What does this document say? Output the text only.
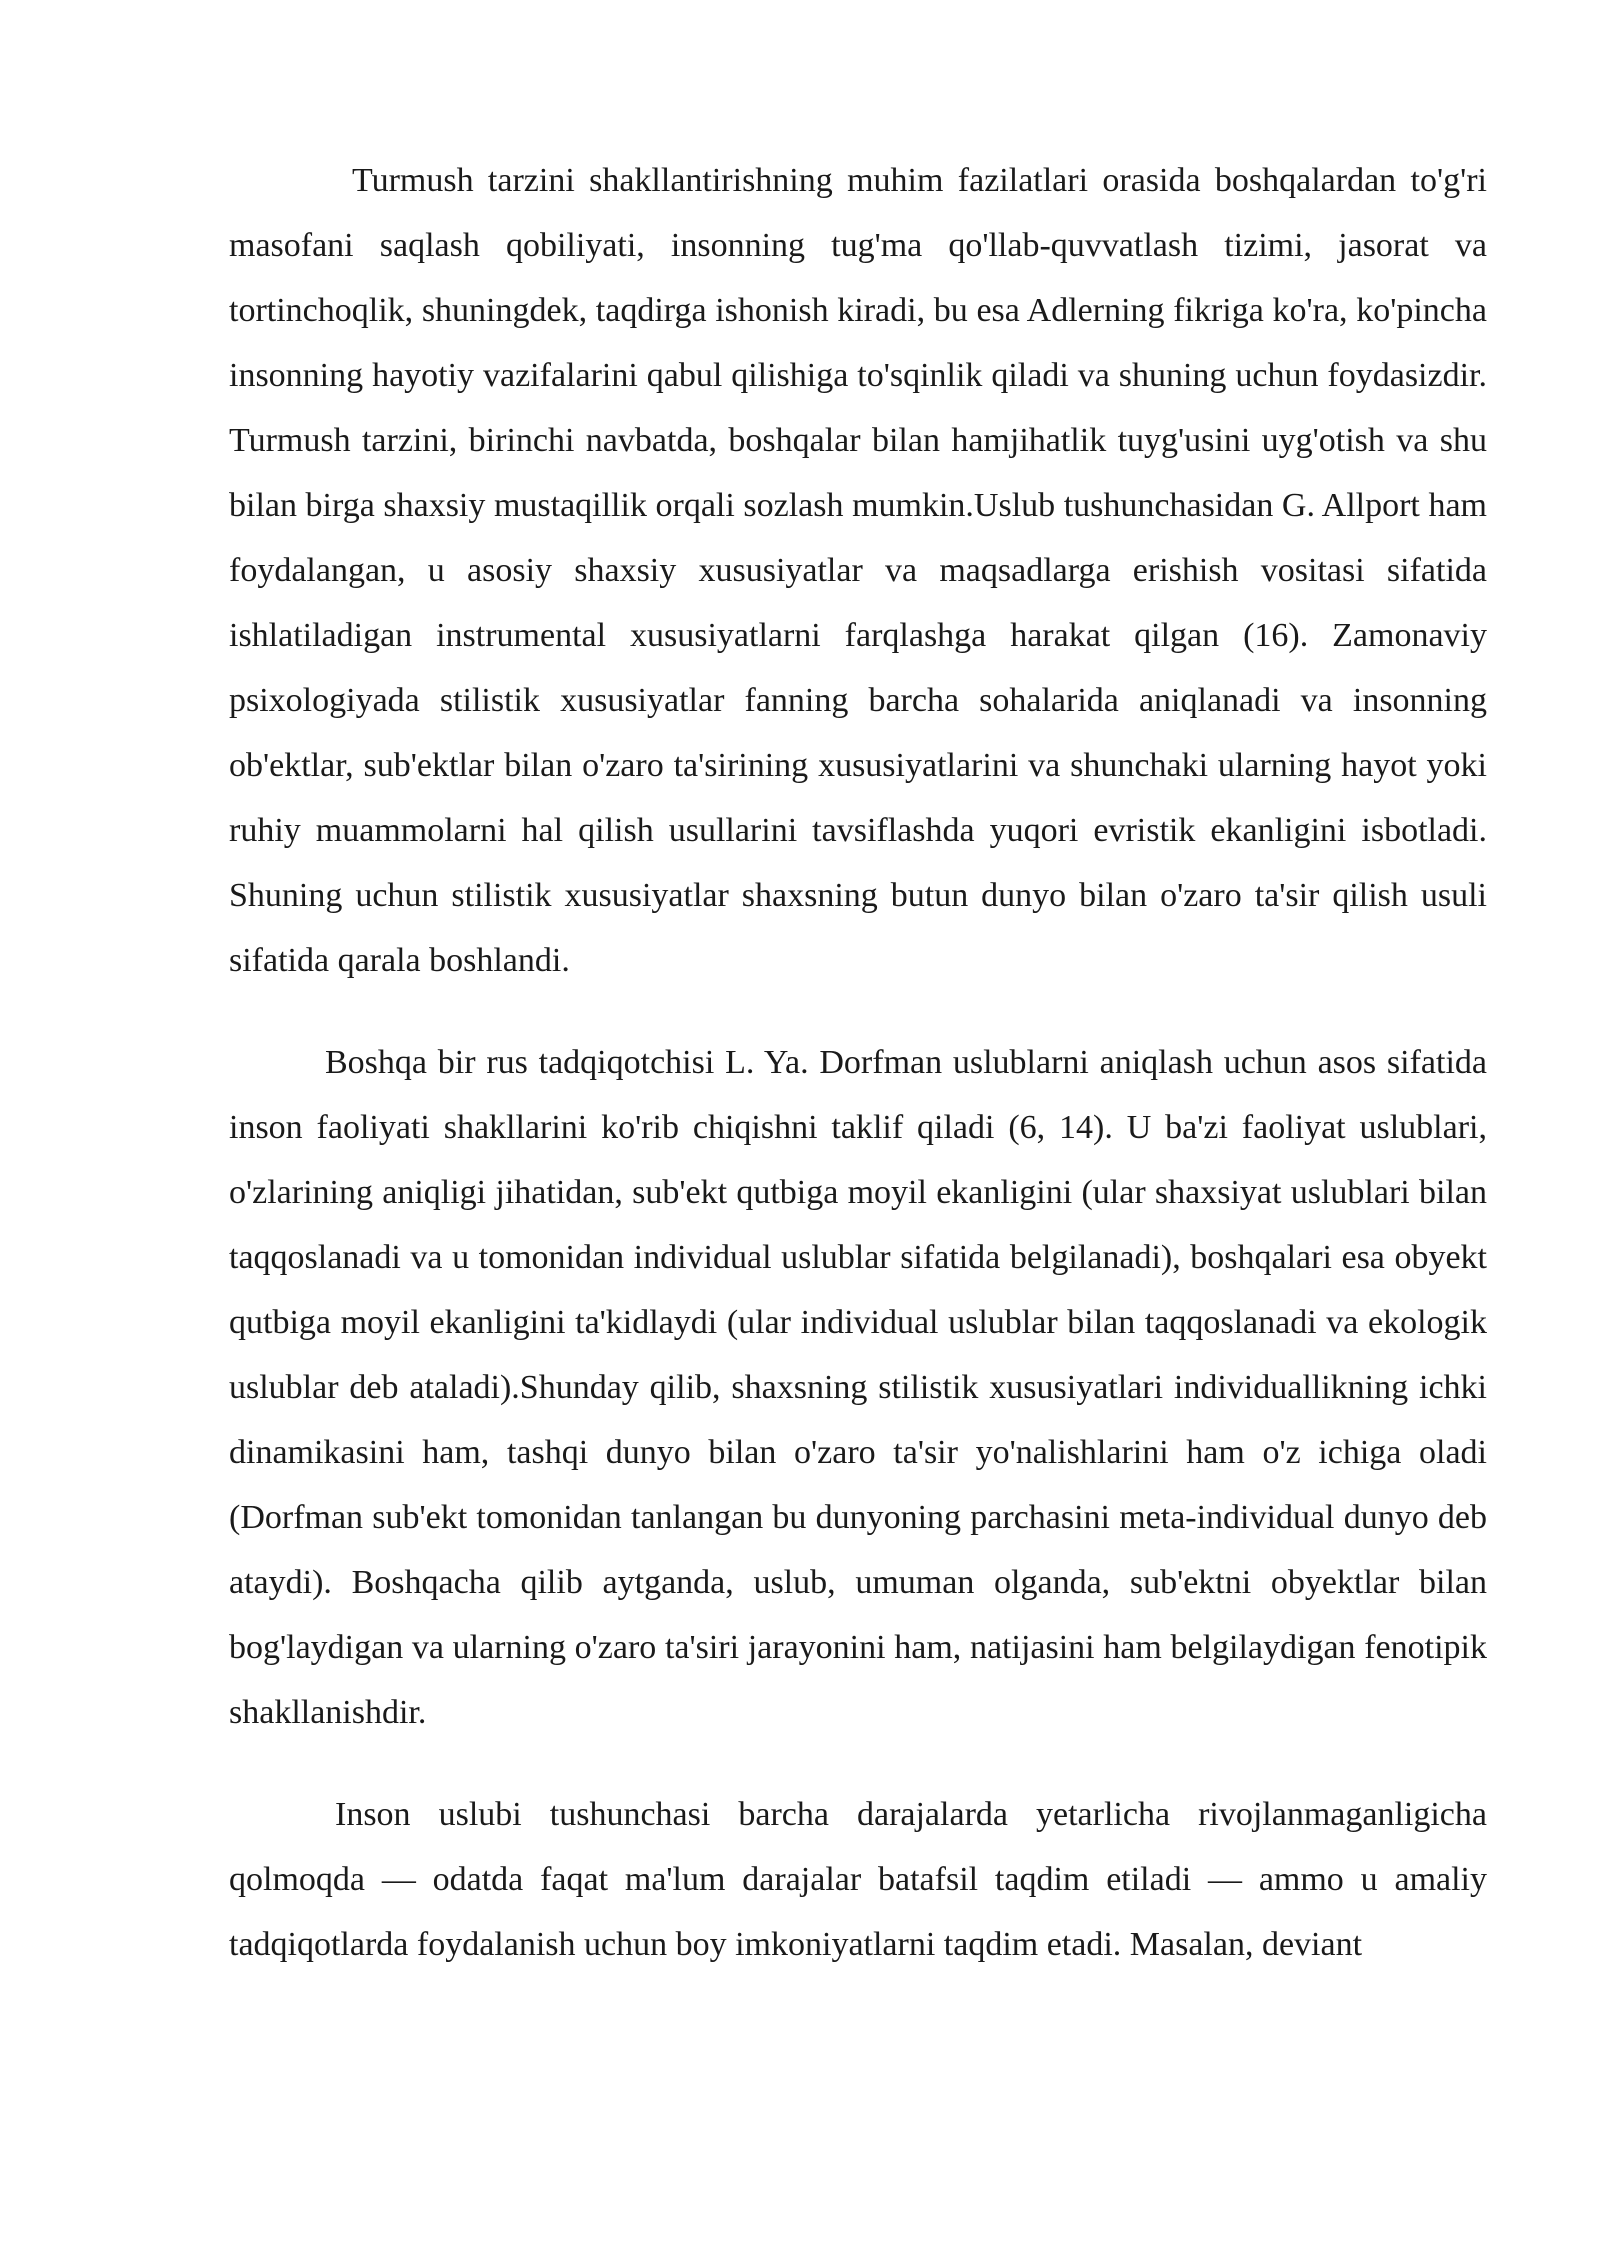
Turmush tarzini shakllantirishning muhim fazilatlari orasida boshqalardan to'g'ri masofani saqlash qobiliyati, insonning tug'ma qo'llab-quvvatlash tizimi, jasorat va tortinchoqlik, shuningdek, taqdirga ishonish kiradi, bu esa Adlerning fikriga ko'ra, ko'pincha insonning hayotiy vazifalarini qabul qilishiga to'sqinlik qiladi va shuning uchun foydasizdir. Turmush tarzini, birinchi navbatda, boshqalar bilan hamjihatlik tuyg'usini uyg'otish va shu bilan birga shaxsiy mustaqillik orqali sozlash mumkin.Uslub tushunchasidan G. Allport ham foydalangan, u asosiy shaxsiy xususiyatlar va maqsadlarga erishish vositasi sifatida ishlatiladigan instrumental xususiyatlarni farqlashga harakat qilgan (16). Zamonaviy psixologiyada stilistik xususiyatlar fanning barcha sohalarida aniqlanadi va insonning ob'ektlar, sub'ektlar bilan o'zaro ta'sirining xususiyatlarini va shunchaki ularning hayot yoki ruhiy muammolarni hal qilish usullarini tavsiflashda yuqori evristik ekanligini isbotladi. Shuning uchun stilistik xususiyatlar shaxsning butun dunyo bilan o'zaro ta'sir qilish usuli sifatida qarala boshlandi.

Boshqa bir rus tadqiqotchisi L. Ya. Dorfman uslublarni aniqlash uchun asos sifatida inson faoliyati shakllarini ko'rib chiqishni taklif qiladi (6, 14). U ba'zi faoliyat uslublari, o'zlarining aniqligi jihatidan, sub'ekt qutbiga moyil ekanligini (ular shaxsiyat uslublari bilan taqqoslanadi va u tomonidan individual uslublar sifatida belgilanadi), boshqalari esa obyekt qutbiga moyil ekanligini ta'kidlaydi (ular individual uslublar bilan taqqoslanadi va ekologik uslublar deb ataladi).Shunday qilib, shaxsning stilistik xususiyatlari individuallikning ichki dinamikasini ham, tashqi dunyo bilan o'zaro ta'sir yo'nalishlarini ham o'z ichiga oladi (Dorfman sub'ekt tomonidan tanlangan bu dunyoning parchasini meta-individual dunyo deb ataydi). Boshqacha qilib aytganda, uslub, umuman olganda, sub'ektni obyektlar bilan bog'laydigan va ularning o'zaro ta'siri jarayonini ham, natijasini ham belgilaydigan fenotipik shakllanishdir.

Inson uslubi tushunchasi barcha darajalarda yetarlicha rivojlanmaganligicha qolmoqda — odatda faqat ma'lum darajalar batafsil taqdim etiladi — ammo u amaliy tadqiqotlarda foydalanish uchun boy imkoniyatlarni taqdim etadi. Masalan, deviant
